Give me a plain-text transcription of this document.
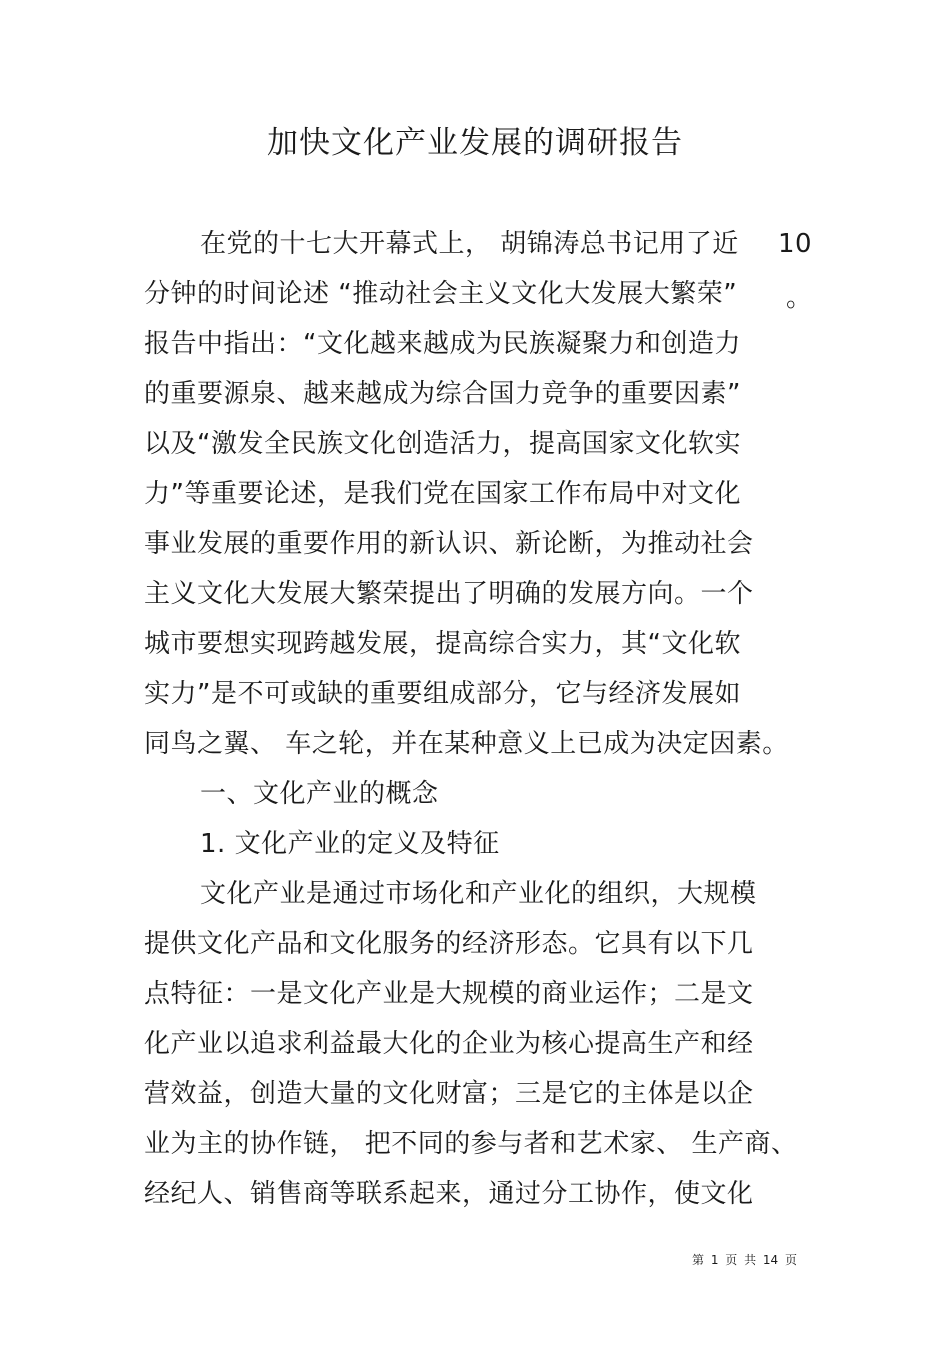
加快文化产业发展的调研报告
在党的十七大开幕式上， 胡锦涛总书记用了近 10
分钟的时间论述 “推动社会主义文化大发展大繁荣” 。
报告中指出：“文化越来越成为民族凝聚力和创造力
的重要源泉、越来越成为综合国力竞争的重要因素”
以及“激发全民族文化创造活力，提高国家文化软实
力”等重要论述，是我们党在国家工作布局中对文化
事业发展的重要作用的新认识、新论断，为推动社会
主义文化大发展大繁荣提出了明确的发展方向。一个
城市要想实现跨越发展，提高综合实力，其“文化软
实力”是不可或缺的重要组成部分，它与经济发展如
同鸟之翼、 车之轮，并在某种意义上已成为决定因素。
一、文化产业的概念
1. 文化产业的定义及特征
文化产业是通过市场化和产业化的组织，大规模
提供文化产品和文化服务的经济形态。它具有以下几
点特征：一是文化产业是大规模的商业运作；二是文
化产业以追求利益最大化的企业为核心提高生产和经
营效益，创造大量的文化财富；三是它的主体是以企
业为主的协作链， 把不同的参与者和艺术家、 生产商、
经纪人、销售商等联系起来，通过分工协作，使文化
第 1 页 共 14 页
